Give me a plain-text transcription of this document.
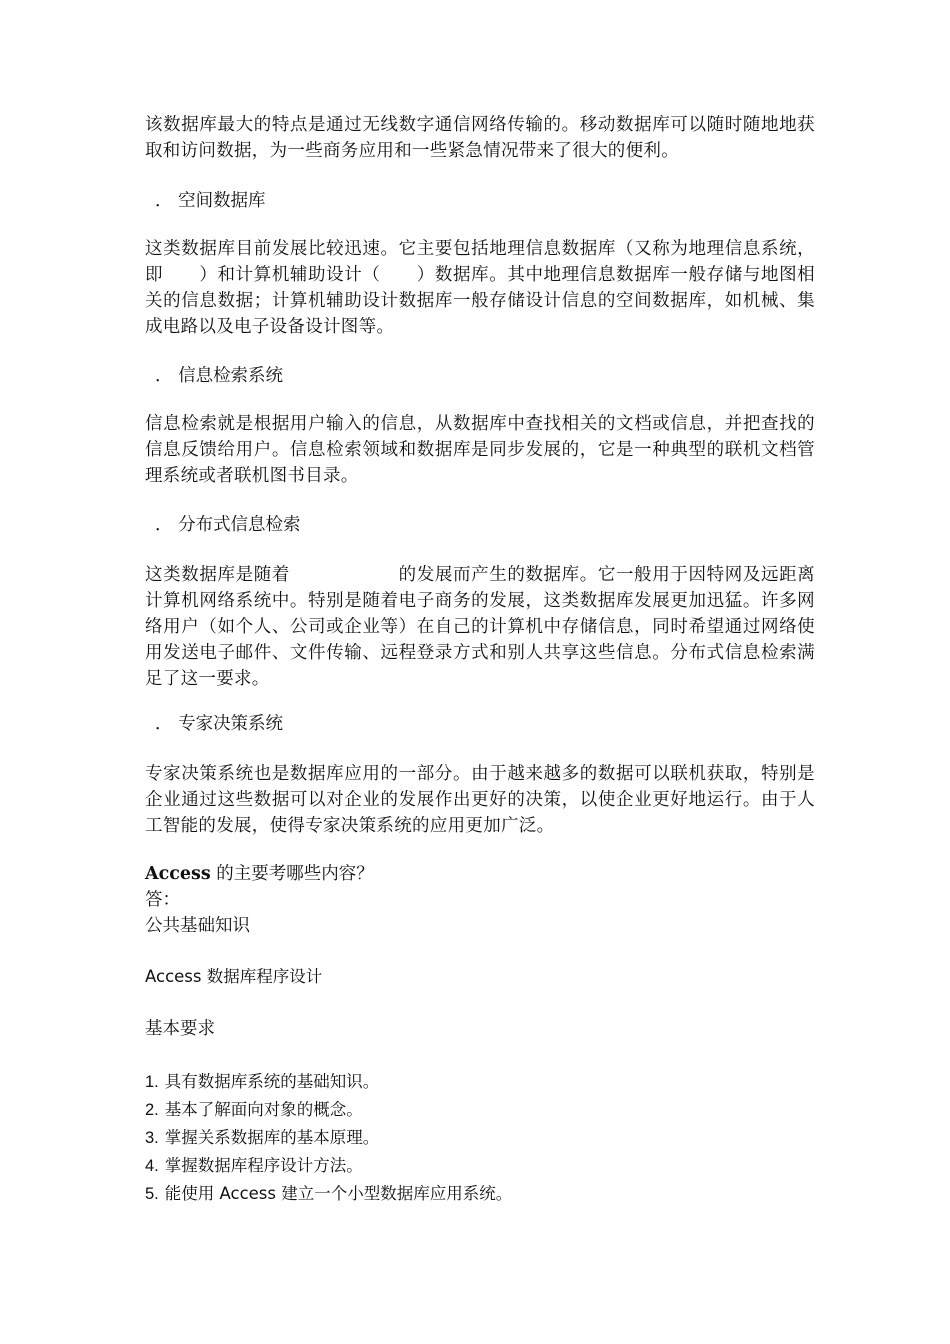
该数据库最大的特点是通过无线数字通信网络传输的。移动数据库可以随时随地地获取和访问数据，为一些商务应用和一些紧急情况带来了很大的便利。

． 空间数据库

这类数据库目前发展比较迅速。它主要包括地理信息数据库（又称为地理信息系统，即　　）和计算机辅助设计（　　）数据库。其中地理信息数据库一般存储与地图相关的信息数据；计算机辅助设计数据库一般存储设计信息的空间数据库，如机械、集成电路以及电子设备设计图等。

． 信息检索系统

信息检索就是根据用户输入的信息，从数据库中查找相关的文档或信息，并把查找的信息反馈给用户。信息检索领域和数据库是同步发展的，它是一种典型的联机文档管理系统或者联机图书目录。

． 分布式信息检索

这类数据库是随着　　　　　　的发展而产生的数据库。它一般用于因特网及远距离计算机网络系统中。特别是随着电子商务的发展，这类数据库发展更加迅猛。许多网络用户（如个人、公司或企业等）在自己的计算机中存储信息，同时希望通过网络使用发送电子邮件、文件传输、远程登录方式和别人共享这些信息。分布式信息检索满足了这一要求。

． 专家决策系统

专家决策系统也是数据库应用的一部分。由于越来越多的数据可以联机获取，特别是企业通过这些数据可以对企业的发展作出更好的决策，以使企业更好地运行。由于人工智能的发展，使得专家决策系统的应用更加广泛。

Access 的主要考哪些内容？

答：

公共基础知识

Access 数据库程序设计

基本要求

1. 具有数据库系统的基础知识。
2. 基本了解面向对象的概念。
3. 掌握关系数据库的基本原理。
4. 掌握数据库程序设计方法。
5. 能使用 Access 建立一个小型数据库应用系统。
